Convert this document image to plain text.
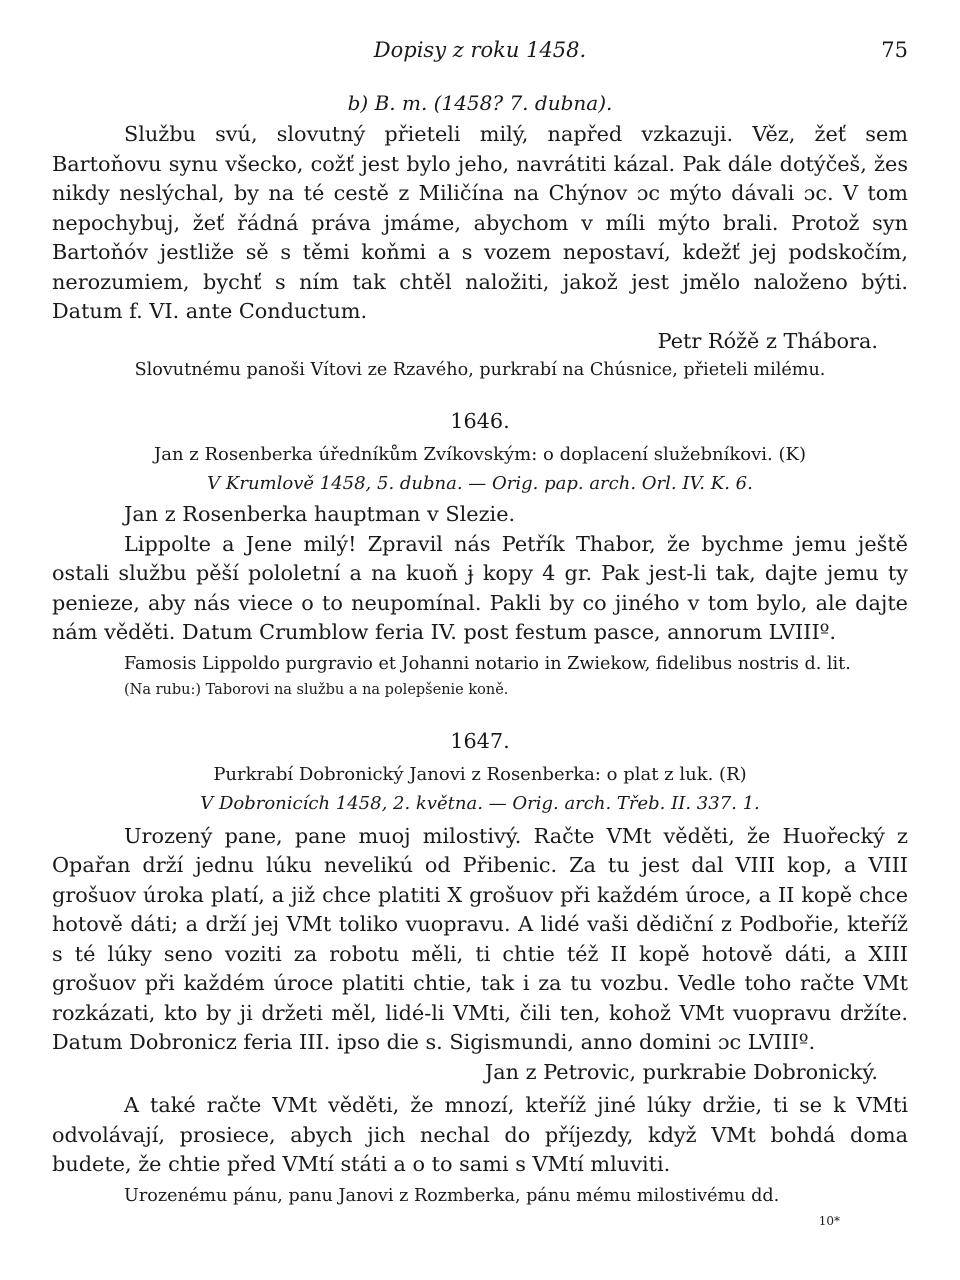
Dopisy z roku 1458.	75
b) B. m. (1458? 7. dubna).

Službu svú, slovutný přieteli milý, napřed vzkazuji. Věz, žeť sem Bartoňovu synu všecko, cožť jest bylo jeho, navrátiti kázal. Pak dále dotýčeš, žes nikdy neslýchal, by na té cestě z Miličína na Chýnov ɔc mýto dávali ɔc. V tom nepochybuj, žeť řádná práva jmáme, abychom v míli mýto brali. Protož syn Bartoňóv jestliže sě s těmi koňmi a s vozem nepostaví, kdežť jej podskočím, nerozumiem, bychť s ním tak chtěl naložiti, jakož jest jmělo naloženo býti. Datum f. VI. ante Conductum.

Petr Róžě z Thábora.
Slovutnému panoši Vítovi ze Rzavého, purkrabí na Chúsnice, přieteli milému.
1646.
Jan z Rosenberka úředníkům Zvíkovským: o doplacení služebníkovi. (K)
V Krumlově 1458, 5. dubna. — Orig. pap. arch. Orl. IV. K. 6.
Jan z Rosenberka hauptman v Slezie.

Lippolte a Jene milý! Zpravil nás Petřík Thabor, že bychme jemu ještě ostali službu pěší pololetní a na kuoň ɉ kopy 4 gr. Pak jest-li tak, dajte jemu ty penieze, aby nás viece o to neupomínal. Pakli by co jiného v tom bylo, ale dajte nám věděti. Datum Crumblow feria IV. post festum pasce, annorum LVIIIº.

Famosis Lippoldo purgravio et Johanni notario in Zwiekow, fidelibus nostris d. lit.
(Na rubu:) Taborovi na službu a na polepšenie koně.
1647.
Purkrabí Dobronický Janovi z Rosenberka: o plat z luk. (R)
V Dobronicích 1458, 2. května. — Orig. arch. Třeb. II. 337. 1.

Urozený pane, pane muoj milostivý. Račte VMt věděti, že Huořecký z Opařan drží jednu lúku nevelikú od Přibenic. Za tu jest dal VIII kop, a VIII grošuov úroka platí, a již chce platiti X grošuov při každém úroce, a II kopě chce hotově dáti; a drží jej VMt toliko vuopravu. A lidé vaši dědiční z Podbořie, kteříž s té lúky seno voziti za robotu měli, ti chtie též II kopě hotově dáti, a XIII grošuov při každém úroce platiti chtie, tak i za tu vozbu. Vedle toho račte VMt rozkázati, kto by ji držeti měl, lidé-li VMti, čili ten, kohož VMt vuopravu držíte. Datum Dobronicz feria III. ipso die s. Sigismundi, anno domini ɔc LVIIIº.

Jan z Petrovic, purkrabie Dobronický.

A také račte VMt věděti, že mnozí, kteříž jiné lúky držie, ti se k VMti odvolávají, prosiece, abych jich nechal do příjezdy, když VMt bohdá doma budete, že chtie před VMtí státi a o to sami s VMtí mluviti.

Urozenému pánu, panu Janovi z Rozmberka, pánu mému milostivému dd.
10*
